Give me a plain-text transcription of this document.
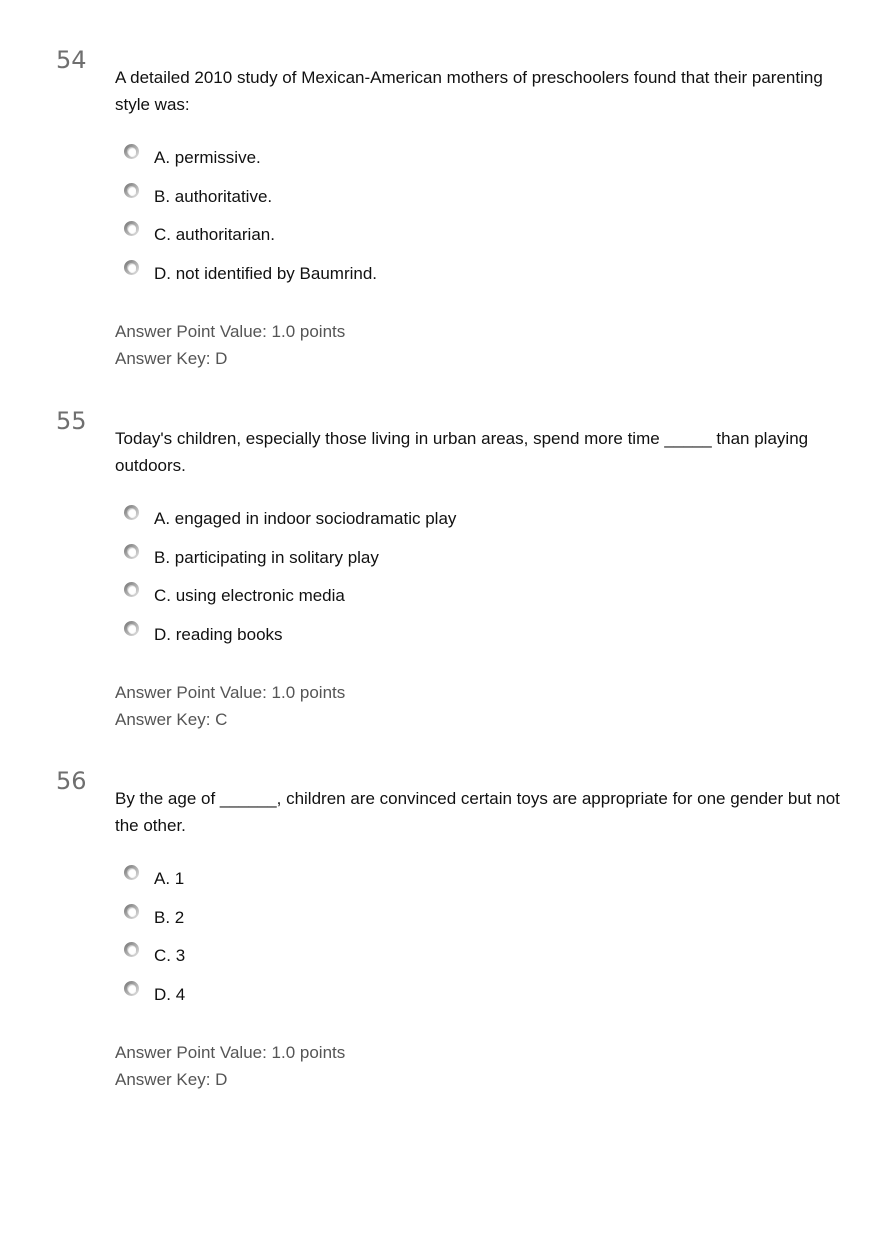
54
A detailed 2010 study of Mexican-American mothers of preschoolers found that their parenting style was:
A. permissive.
B. authoritative.
C. authoritarian.
D. not identified by Baumrind.
Answer Point Value: 1.0 points
Answer Key: D
55
Today's children, especially those living in urban areas, spend more time _____ than playing outdoors.
A. engaged in indoor sociodramatic play
B. participating in solitary play
C. using electronic media
D. reading books
Answer Point Value: 1.0 points
Answer Key: C
56
By the age of ______, children are convinced certain toys are appropriate for one gender but not the other.
A. 1
B. 2
C. 3
D. 4
Answer Point Value: 1.0 points
Answer Key: D
